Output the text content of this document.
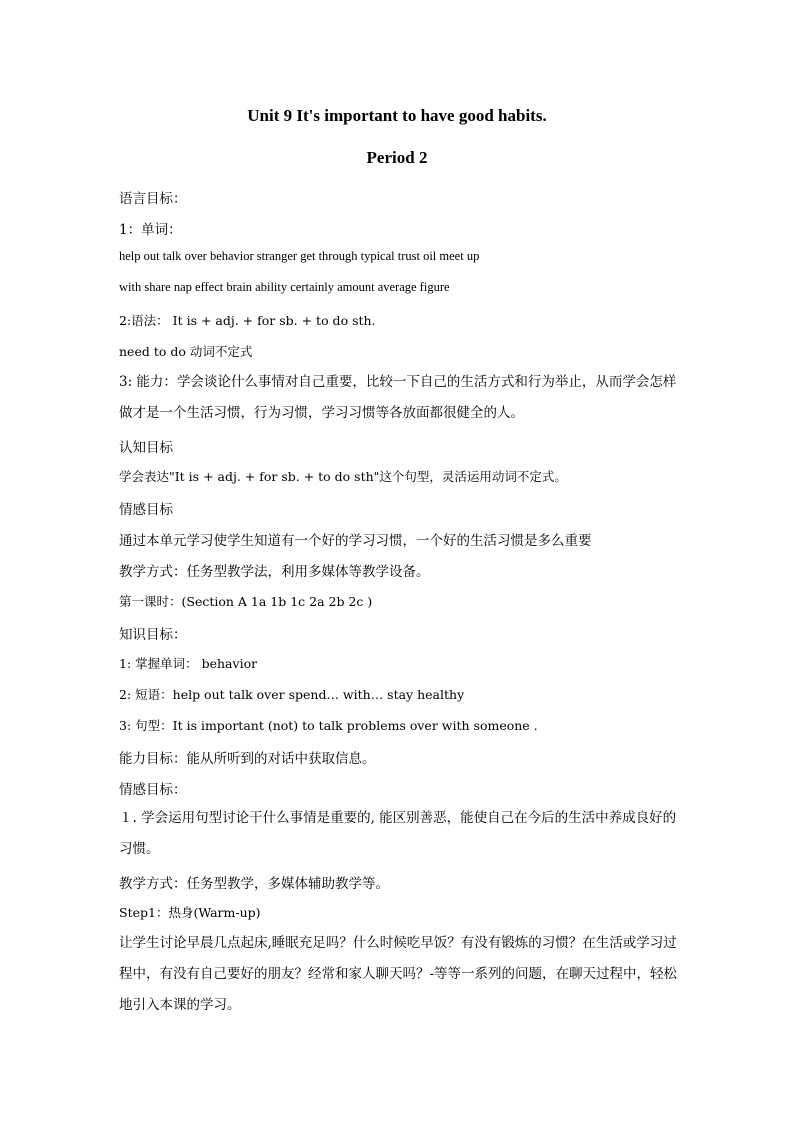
Unit 9 It's important to have good habits.
Period 2
语言目标：
1：单词：
help out talk over behavior stranger get through typical trust oil meet up
with share nap effect brain ability certainly amount average figure
2:语法： It is + adj. + for sb. + to do sth.
need to do 动词不定式
3: 能力：学会谈论什么事情对自己重要，比较一下自己的生活方式和行为举止，从而学会怎样做才是一个生活习惯，行为习惯，学习习惯等各放面都很健全的人。
认知目标
学会表达"It is + adj. + for sb. + to do sth"这个句型，灵活运用动词不定式。
情感目标
通过本单元学习使学生知道有一个好的学习习惯，一个好的生活习惯是多么重要
教学方式：任务型教学法，利用多媒体等教学设备。
第一课时：(Section A 1a 1b 1c 2a 2b 2c )
知识目标：
1: 掌握单词： behavior
2: 短语：help out talk over spend… with… stay healthy
3: 句型：It is important (not) to talk problems over with someone .
能力目标：能从所听到的对话中获取信息。
情感目标：
１. 学会运用句型讨论干什么事情是重要的, 能区别善恶，能使自己在今后的生活中养成良好的习惯。
教学方式：任务型教学，多媒体辅助教学等。
Step1：热身(Warm-up)
让学生讨论早晨几点起床,睡眠充足吗？什么时候吃早饭？有没有锻炼的习惯？在生活或学习过程中，有没有自己要好的朋友？经常和家人聊天吗？-等等一系列的问题，在聊天过程中，轻松地引入本课的学习。
